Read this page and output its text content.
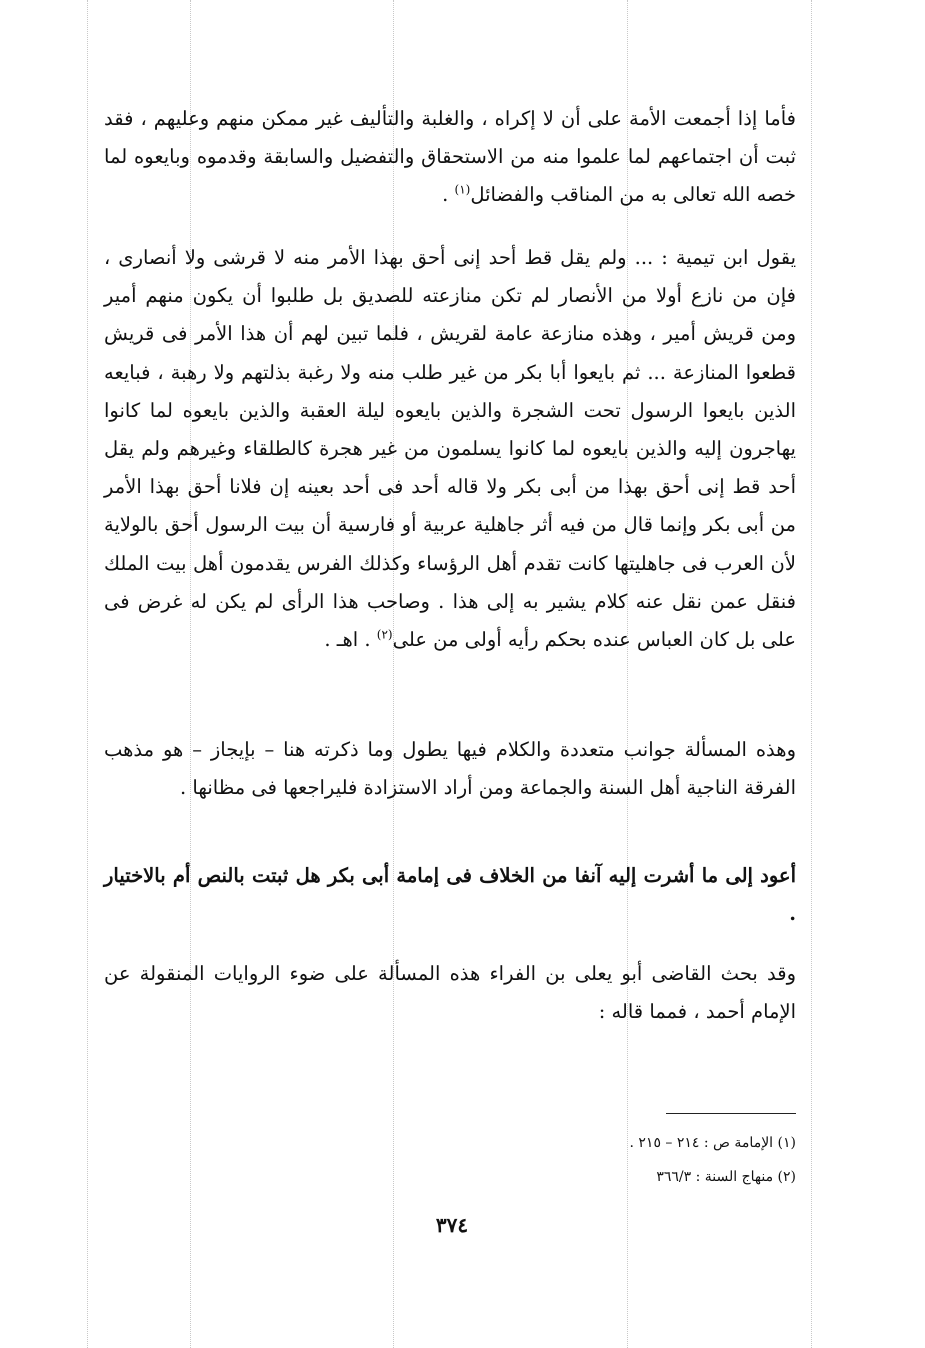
فأما إذا أجمعت الأمة على أن لا إكراه ، والغلبة والتأليف غير ممكن منهم وعليهم ، فقد ثبت أن اجتماعهم لما علموا منه من الاستحقاق والتفضيل والسابقة وقدموه وبايعوه لما خصه الله تعالى به من المناقب والفضائل$^{(١)}$ .

يقول ابن تيمية : ... ولم يقل قط أحد إنى أحق بهذا الأمر منه لا قرشى ولا أنصارى ، فإن من نازع أولا من الأنصار لم تكن منازعته للصديق بل طلبوا أن يكون منهم أمير ومن قريش أمير ، وهذه منازعة عامة لقريش ، فلما تبين لهم أن هذا الأمر فى قريش قطعوا المنازعة ... ثم بايعوا أبا بكر من غير طلب منه ولا رغبة بذلتهم ولا رهبة ، فبايعه الذين بايعوا الرسول تحت الشجرة والذين بايعوه ليلة العقبة والذين بايعوه لما كانوا يهاجرون إليه والذين بايعوه لما كانوا يسلمون من غير هجرة كالطلقاء وغيرهم ولم يقل أحد قط إنى أحق بهذا من أبى بكر ولا قاله أحد فى أحد بعينه إن فلانا أحق بهذا الأمر من أبى بكر وإنما قال من فيه أثر جاهلية عربية أو فارسية أن بيت الرسول أحق بالولاية لأن العرب فى جاهليتها كانت تقدم أهل الرؤساء وكذلك الفرس يقدمون أهل بيت الملك فنقل عمن نقل عنه كلام يشير به إلى هذا . وصاحب هذا الرأى لم يكن له غرض فى على بل كان العباس عنده بحكم رأيه أولى من على$^{(٢)}$ . اهـ .

وهذه المسألة جوانب متعددة والكلام فيها يطول وما ذكرته هنا – بإيجاز – هو مذهب الفرقة الناجية أهل السنة والجماعة ومن أراد الاستزادة فليراجعها فى مظانها .

أعود إلى ما أشرت إليه آنفا من الخلاف فى إمامة أبى بكر هل ثبتت بالنص أم بالاختيار .

وقد بحث القاضى أبو يعلى بن الفراء هذه المسألة على ضوء الروايات المنقولة عن الإمام أحمد ، فمما قاله :

(١) الإمامة ص : ٢١٤ – ٢١٥ .
(٢) منهاج السنة : ٣٦٦/٣
٣٧٤
